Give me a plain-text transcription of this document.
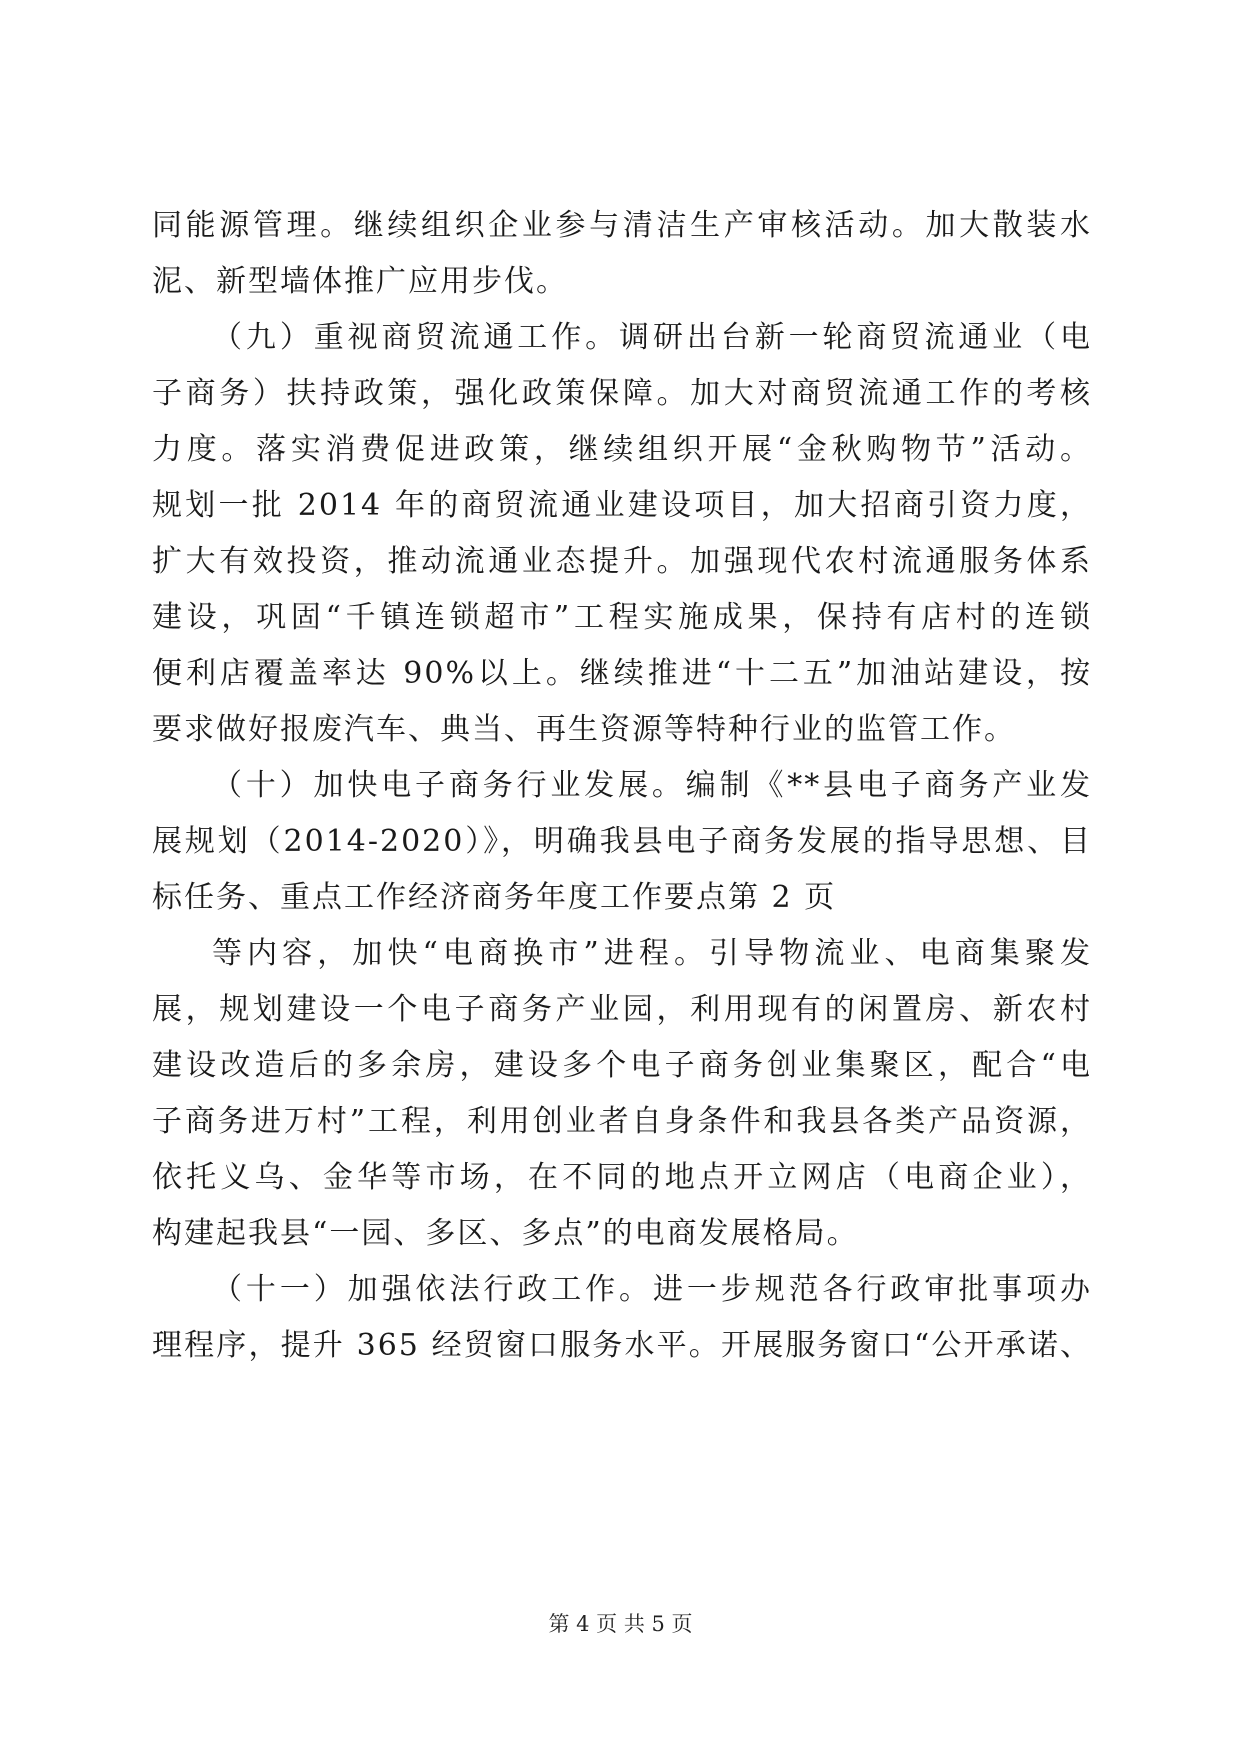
同能源管理。继续组织企业参与清洁生产审核活动。加大散装水
泥、新型墙体推广应用步伐。
（九）重视商贸流通工作。调研出台新一轮商贸流通业（电
子商务）扶持政策，强化政策保障。加大对商贸流通工作的考核
力度。落实消费促进政策，继续组织开展“金秋购物节”活动。
规划一批 2014 年的商贸流通业建设项目，加大招商引资力度，
扩大有效投资，推动流通业态提升。加强现代农村流通服务体系
建设，巩固“千镇连锁超市”工程实施成果，保持有店村的连锁
便利店覆盖率达 90%以上。继续推进“十二五”加油站建设，按
要求做好报废汽车、典当、再生资源等特种行业的监管工作。
（十）加快电子商务行业发展。编制《**县电子商务产业发
展规划（2014-2020）》，明确我县电子商务发展的指导思想、目
标任务、重点工作经济商务年度工作要点第 2 页
等内容，加快“电商换市”进程。引导物流业、电商集聚发
展，规划建设一个电子商务产业园，利用现有的闲置房、新农村
建设改造后的多余房，建设多个电子商务创业集聚区，配合“电
子商务进万村”工程，利用创业者自身条件和我县各类产品资源，
依托义乌、金华等市场，在不同的地点开立网店（电商企业），
构建起我县“一园、多区、多点”的电商发展格局。
（十一）加强依法行政工作。进一步规范各行政审批事项办
理程序，提升 365 经贸窗口服务水平。开展服务窗口“公开承诺、
第 4 页 共 5 页
